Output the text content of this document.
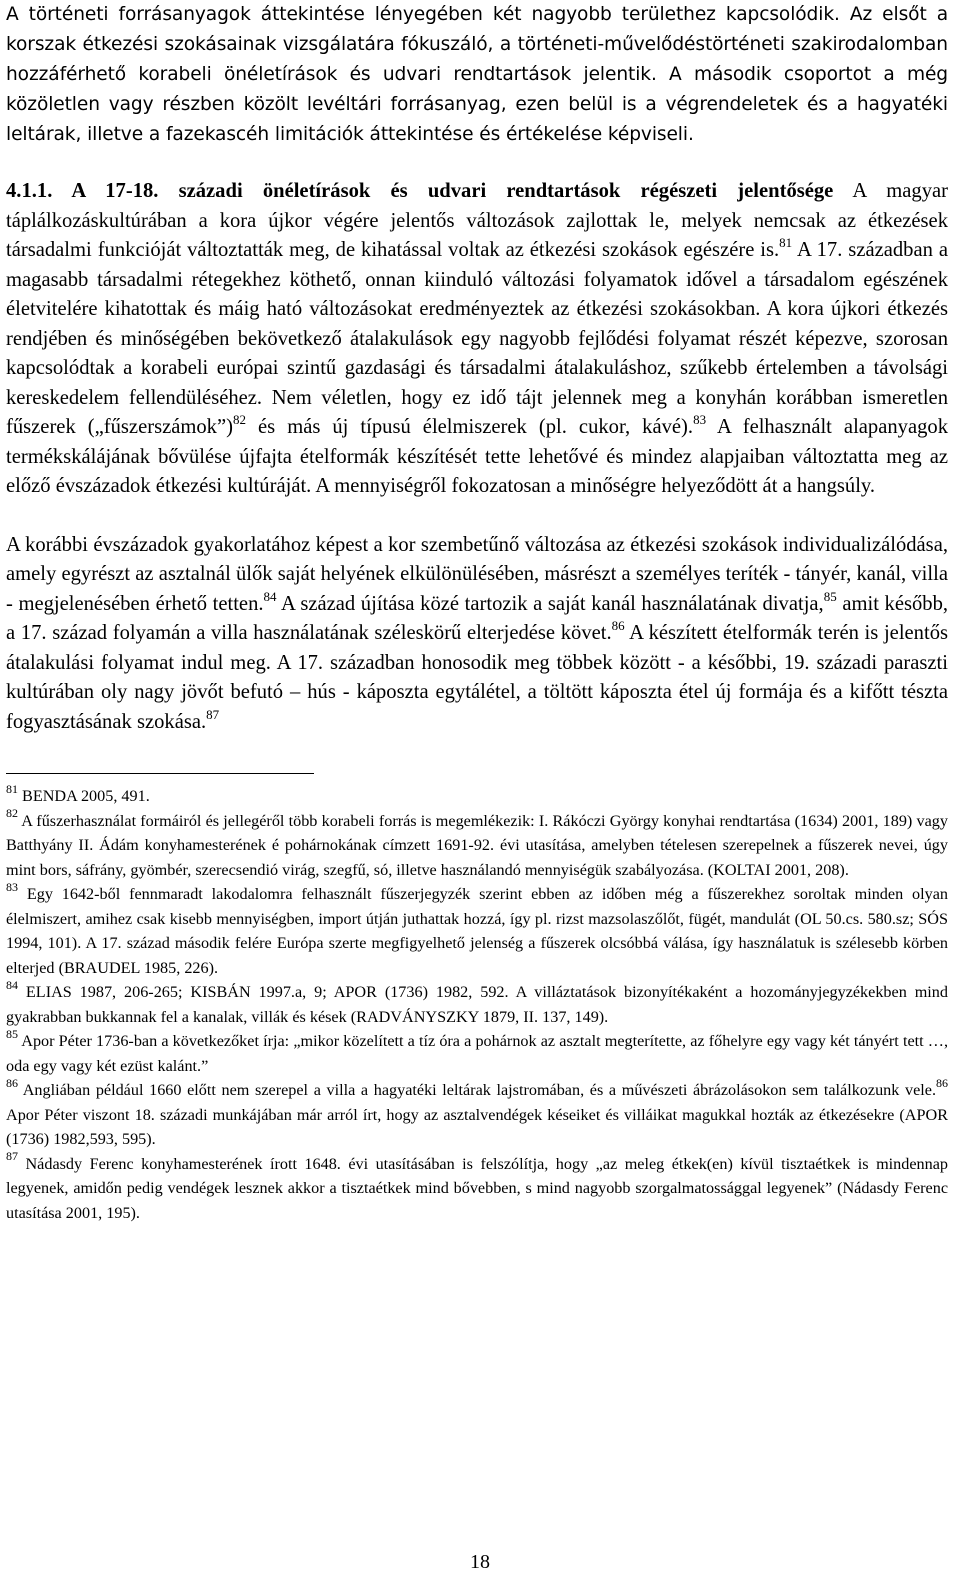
A történeti forrásanyagok áttekintése lényegében két nagyobb területhez kapcsolódik. Az elsőt a korszak étkezési szokásainak vizsgálatára fókuszáló, a történeti-művelődéstörténeti szakirodalomban hozzáférhető korabeli önéletírások és udvari rendtartások jelentik. A második csoportot a még közöletlen vagy részben közölt levéltári forrásanyag, ezen belül is a végrendeletek és a hagyatéki leltárak, illetve a fazekascéh limitációk áttekintése és értékelése képviseli.

4.1.1. A 17-18. századi önéletírások és udvari rendtartások régészeti jelentősége A magyar táplálkozáskultúrában a kora újkor végére jelentős változások zajlottak le, melyek nemcsak az étkezések társadalmi funkcióját változtatták meg, de kihatással voltak az étkezési szokások egészére is.$^{81}$ A 17. században a magasabb társadalmi rétegekhez köthető, onnan kiinduló változási folyamatok idővel a társadalom egészének életvitelére kihatottak és máig ható változásokat eredményeztek az étkezési szokásokban. A kora újkori étkezés rendjében és minőségében bekövetkező átalakulások egy nagyobb fejlődési folyamat részét képezve, szorosan kapcsolódtak a korabeli európai szintű gazdasági és társadalmi átalakuláshoz, szűkebb értelemben a távolsági kereskedelem fellendüléséhez. Nem véletlen, hogy ez idő tájt jelennek meg a konyhán korábban ismeretlen fűszerek („fűszerszámok”)$^{82}$ és más új típusú élelmiszerek (pl. cukor, kávé).$^{83}$ A felhasznált alapanyagok termékskálájának bővülése újfajta ételformák készítését tette lehetővé és mindez alapjaiban változtatta meg az előző évszázadok étkezési kultúráját. A mennyiségről fokozatosan a minőségre helyeződött át a hangsúly.

A korábbi évszázadok gyakorlatához képest a kor szembetűnő változása az étkezési szokások individualizálódása, amely egyrészt az asztalnál ülők saját helyének elkülönülésében, másrészt a személyes teríték - tányér, kanál, villa - megjelenésében érhető tetten.$^{84}$ A század újítása közé tartozik a saját kanál használatának divatja,$^{85}$ amit később, a 17. század folyamán a villa használatának széleskörű elterjedése követ.$^{86}$ A készített ételformák terén is jelentős átalakulási folyamat indul meg. A 17. században honosodik meg többek között - a későbbi, 19. századi paraszti kultúrában oly nagy jövőt befutó – hús - káposzta egytálétel, a töltött káposzta étel új formája és a kifőtt tészta fogyasztásának szokása.$^{87}$

$^{81}$ BENDA 2005, 491.

$^{82}$ A fűszerhasználat formáiról és jellegéről több korabeli forrás is megemlékezik: I. Rákóczi György konyhai rendtartása (1634) 2001, 189) vagy Batthyány II. Ádám konyhamesterének é pohárnokának címzett 1691-92. évi utasítása, amelyben tételesen szerepelnek a fűszerek nevei, úgy mint bors, sáfrány, gyömbér, szerecsendió virág, szegfű, só, illetve használandó mennyiségük szabályozása. (KOLTAI 2001, 208).

$^{83}$ Egy 1642-ből fennmaradt lakodalomra felhasznált fűszerjegyzék szerint ebben az időben még a fűszerekhez soroltak minden olyan élelmiszert, amihez csak kisebb mennyiségben, import útján juthattak hozzá, így pl. rizst mazsolaszőlőt, fügét, mandulát (OL 50.cs. 580.sz; SÓS 1994, 101). A 17. század második felére Európa szerte megfigyelhető jelenség a fűszerek olcsóbbá válása, így használatuk is szélesebb körben elterjed (BRAUDEL 1985, 226).

$^{84}$ ELIAS 1987, 206-265; KISBÁN 1997.a, 9; APOR (1736) 1982, 592. A villáztatások bizonyítékaként a hozományjegyzékekben mind gyakrabban bukkannak fel a kanalak, villák és kések (RADVÁNYSZKY 1879, II. 137, 149).

$^{85}$ Apor Péter 1736-ban a következőket írja: „mikor közelített a tíz óra a pohárnok az asztalt megterítette, az főhelyre egy vagy két tányért tett …, oda egy vagy két ezüst kalánt.”

$^{86}$ Angliában például 1660 előtt nem szerepel a villa a hagyatéki leltárak lajstromában, és a művészeti ábrázolásokon sem találkozunk vele.$^{86}$ Apor Péter viszont 18. századi munkájában már arról írt, hogy az asztalvendégek késeiket és villáikat magukkal hozták az étkezésekre (APOR (1736) 1982,593, 595).

$^{87}$ Nádasdy Ferenc konyhamesterének írott 1648. évi utasításában is felszólítja, hogy „az meleg étkek(en) kívül tisztaétkek is mindennap legyenek, amidőn pedig vendégek lesznek akkor a tisztaétkek mind bővebben, s mind nagyobb szorgalmatossággal legyenek” (Nádasdy Ferenc utasítása 2001, 195).

18
